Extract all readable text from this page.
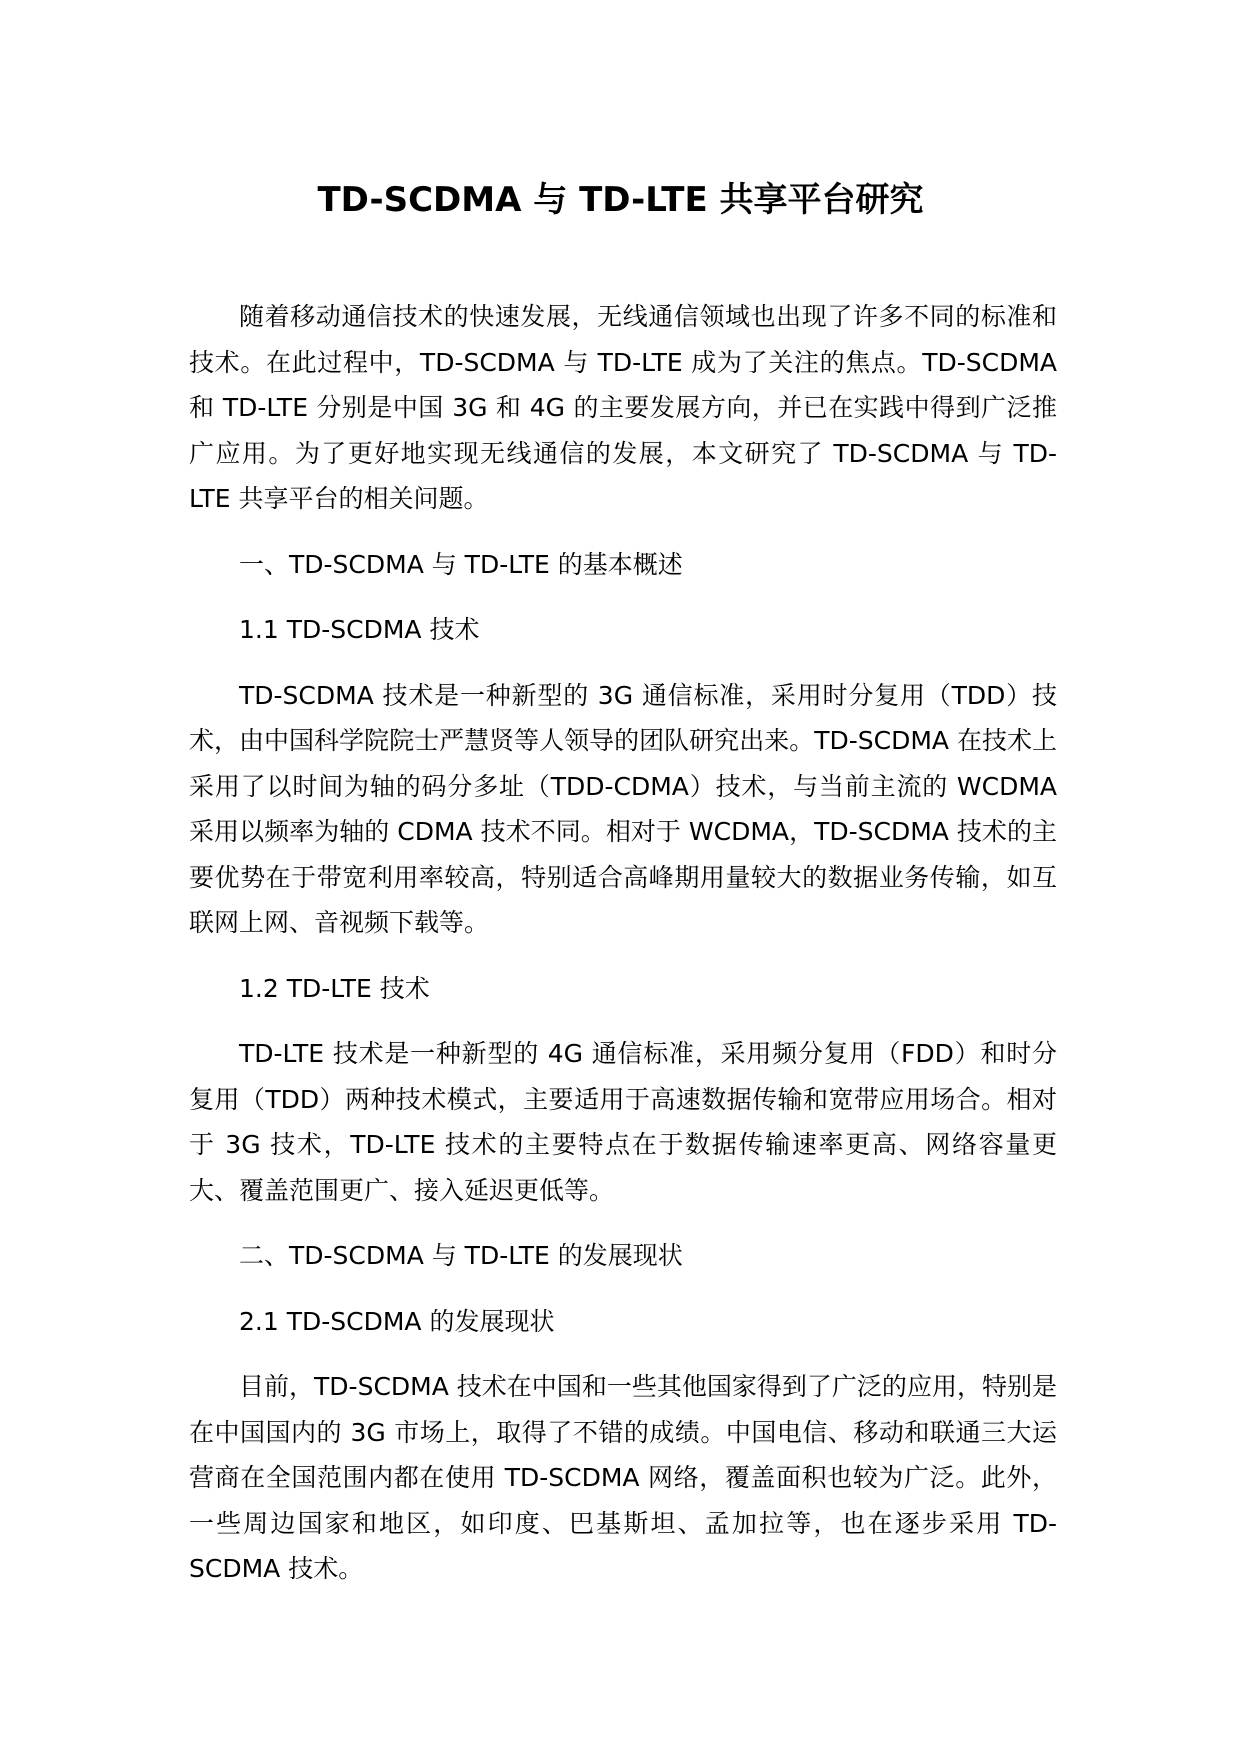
TD-SCDMA 与 TD-LTE 共享平台研究

随着移动通信技术的快速发展，无线通信领域也出现了许多不同的标准和技术。在此过程中，TD-SCDMA 与 TD-LTE 成为了关注的焦点。TD-SCDMA 和 TD-LTE 分别是中国 3G 和 4G 的主要发展方向，并已在实践中得到广泛推广应用。为了更好地实现无线通信的发展，本文研究了 TD-SCDMA 与 TD-LTE 共享平台的相关问题。

一、TD-SCDMA 与 TD-LTE 的基本概述

1.1 TD-SCDMA 技术

TD-SCDMA 技术是一种新型的 3G 通信标准，采用时分复用（TDD）技术，由中国科学院院士严慧贤等人领导的团队研究出来。TD-SCDMA 在技术上采用了以时间为轴的码分多址（TDD-CDMA）技术，与当前主流的 WCDMA 采用以频率为轴的 CDMA 技术不同。相对于 WCDMA，TD-SCDMA 技术的主要优势在于带宽利用率较高，特别适合高峰期用量较大的数据业务传输，如互联网上网、音视频下载等。

1.2 TD-LTE 技术

TD-LTE 技术是一种新型的 4G 通信标准，采用频分复用（FDD）和时分复用（TDD）两种技术模式，主要适用于高速数据传输和宽带应用场合。相对于 3G 技术，TD-LTE 技术的主要特点在于数据传输速率更高、网络容量更大、覆盖范围更广、接入延迟更低等。

二、TD-SCDMA 与 TD-LTE 的发展现状

2.1 TD-SCDMA 的发展现状

目前，TD-SCDMA 技术在中国和一些其他国家得到了广泛的应用，特别是在中国国内的 3G 市场上，取得了不错的成绩。中国电信、移动和联通三大运营商在全国范围内都在使用 TD-SCDMA 网络，覆盖面积也较为广泛。此外，一些周边国家和地区，如印度、巴基斯坦、孟加拉等，也在逐步采用 TD-SCDMA 技术。
